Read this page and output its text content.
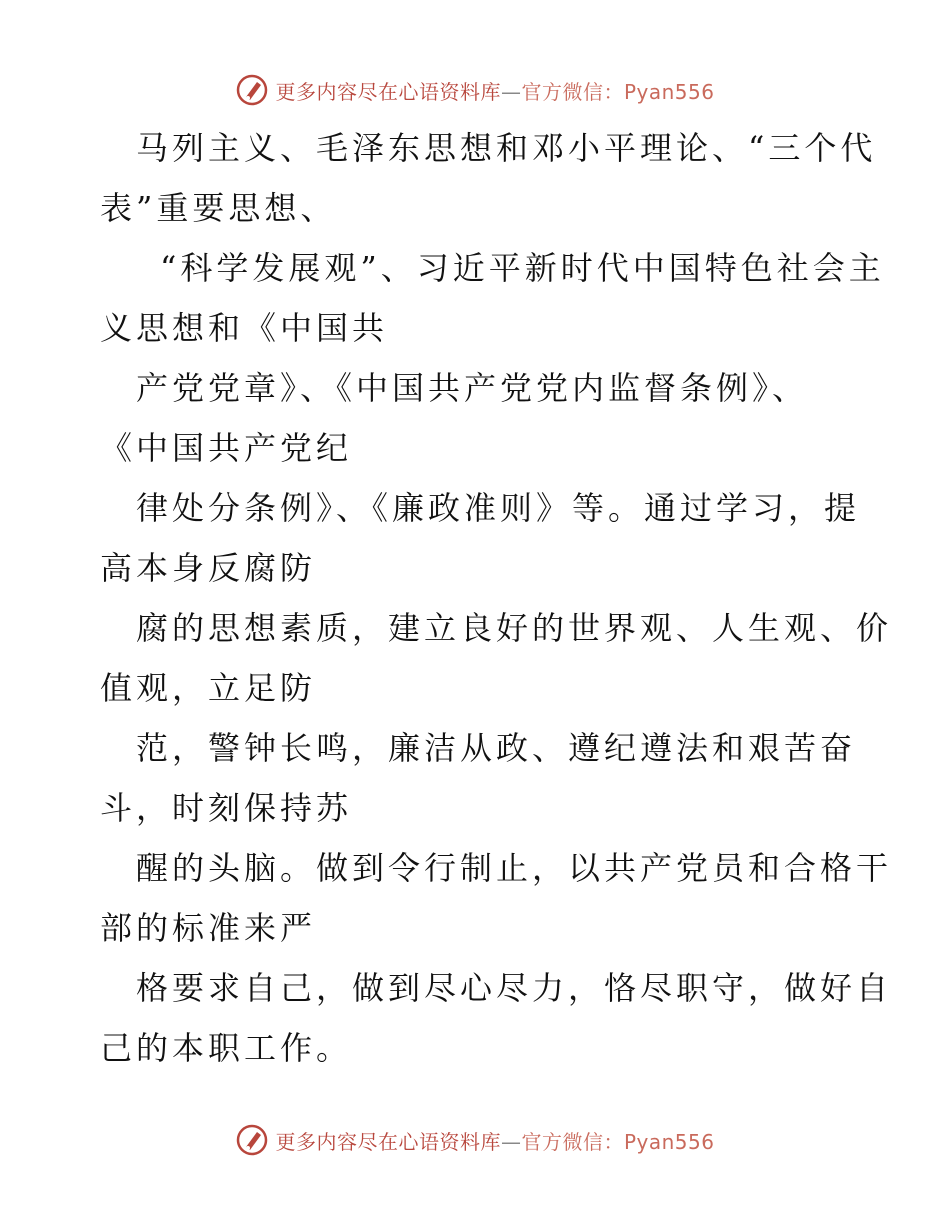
更多内容尽在心语资料库—官方微信：Pyan556
马列主义、毛泽东思想和邓小平理论、“三个代
表”重要思想、
“科学发展观”、习近平新时代中国特色社会主
义思想和《中国共
产党党章》、《中国共产党党内监督条例》、
《中国共产党纪
律处分条例》、《廉政准则》等。通过学习，提
高本身反腐防
腐的思想素质，建立良好的世界观、人生观、价
值观，立足防
范，警钟长鸣，廉洁从政、遵纪遵法和艰苦奋
斗，时刻保持苏
醒的头脑。做到令行制止，以共产党员和合格干
部的标准来严
格要求自己，做到尽心尽力，恪尽职守，做好自
己的本职工作。
更多内容尽在心语资料库—官方微信：Pyan556
